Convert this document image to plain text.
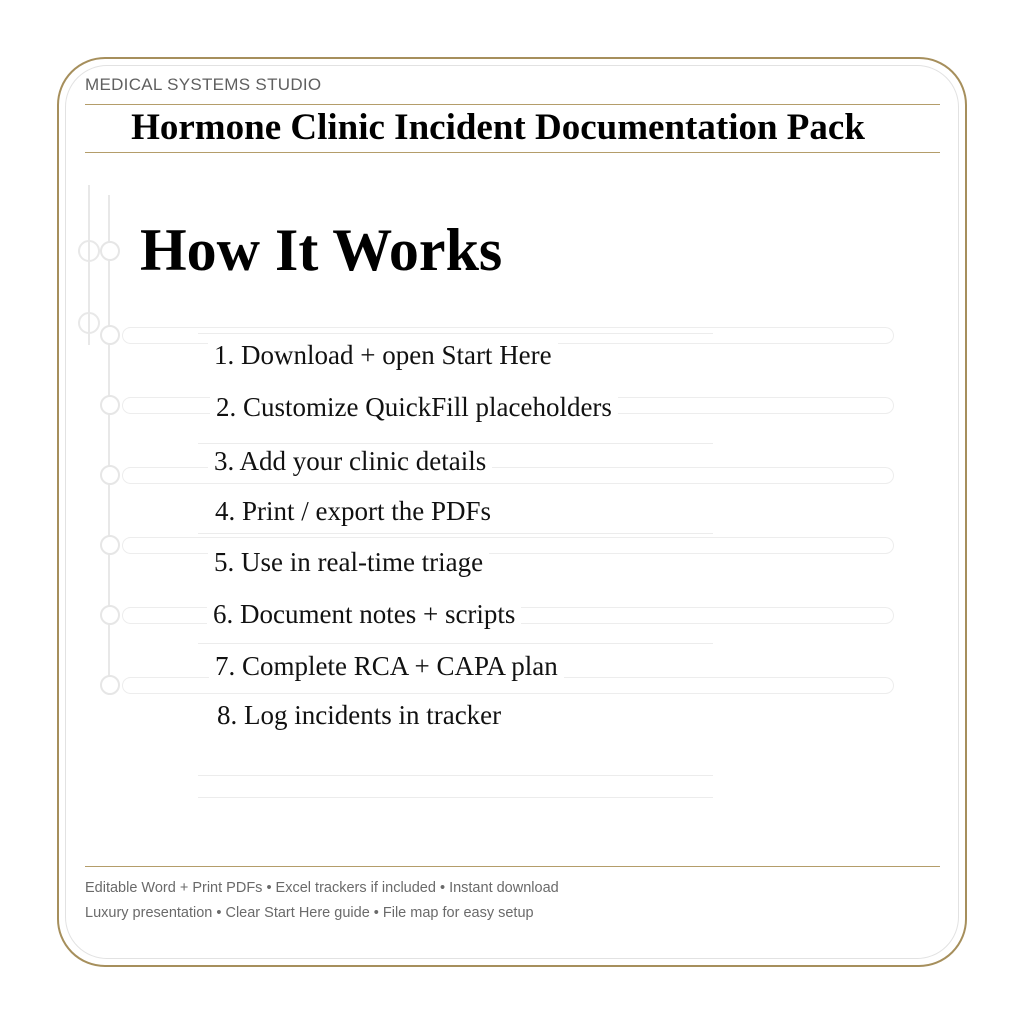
MEDICAL SYSTEMS STUDIO
Hormone Clinic Incident Documentation Pack
How It Works
1. Download + open Start Here
2. Customize QuickFill placeholders
3. Add your clinic details
4. Print / export the PDFs
5. Use in real-time triage
6. Document notes + scripts
7. Complete RCA + CAPA plan
8. Log incidents in tracker
Editable Word + Print PDFs • Excel trackers if included • Instant download
Luxury presentation • Clear Start Here guide • File map for easy setup
